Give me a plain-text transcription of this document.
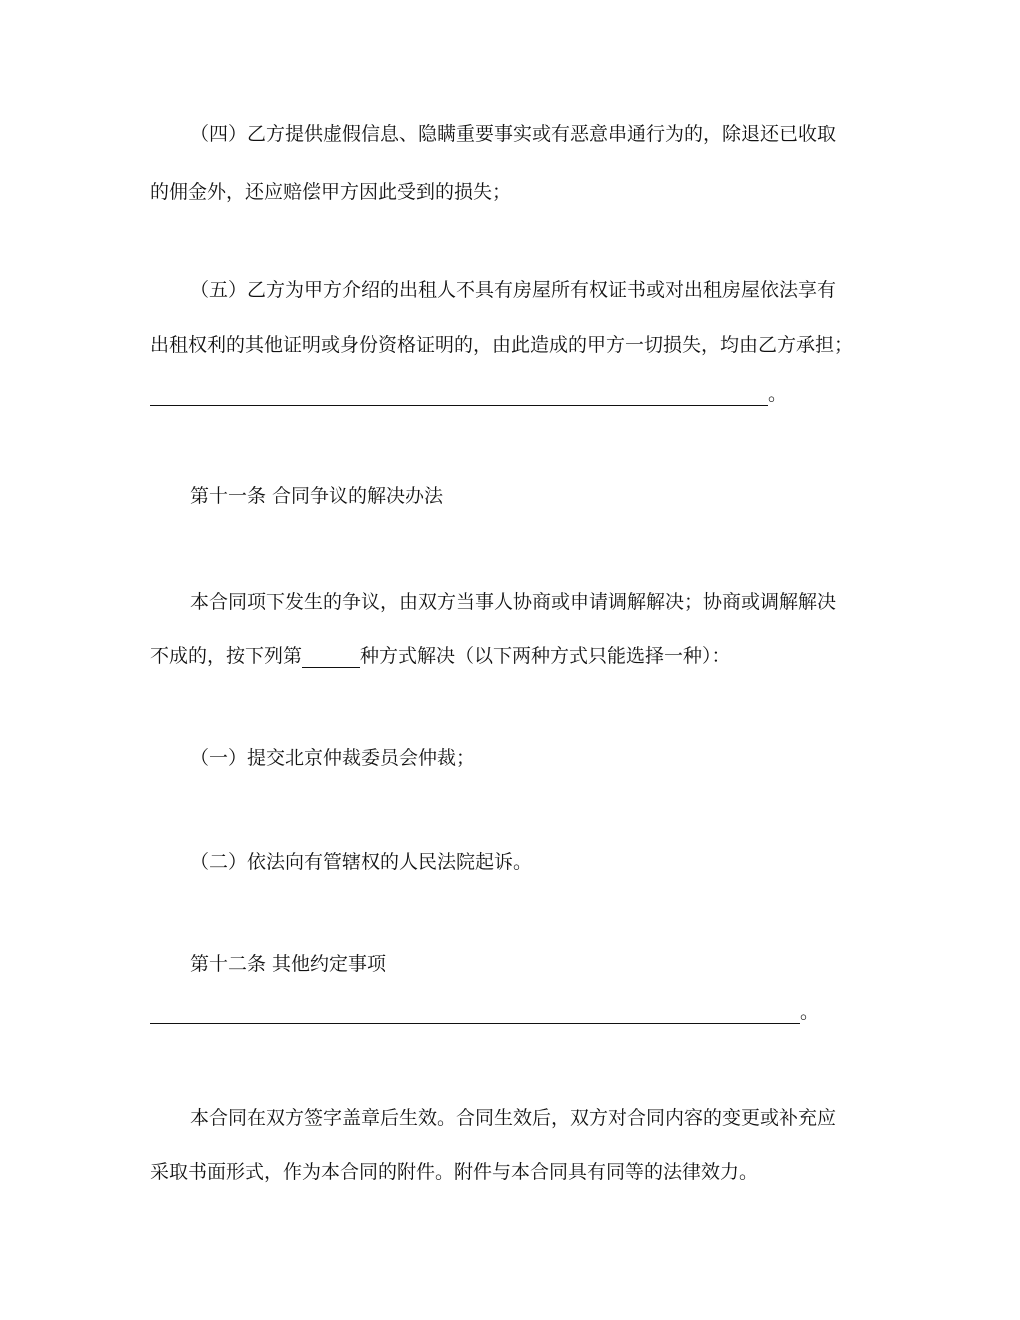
（四）乙方提供虚假信息、隐瞒重要事实或有恶意串通行为的，除退还已收取
的佣金外，还应赔偿甲方因此受到的损失；
（五）乙方为甲方介绍的出租人不具有房屋所有权证书或对出租房屋依法享有
出租权利的其他证明或身份资格证明的，由此造成的甲方一切损失，均由乙方承担；
。
第十一条 合同争议的解决办法
本合同项下发生的争议，由双方当事人协商或申请调解解决；协商或调解解决
不成的，按下列第	种方式解决（以下两种方式只能选择一种）：
（一）提交北京仲裁委员会仲裁；
（二）依法向有管辖权的人民法院起诉。
第十二条 其他约定事项
。
本合同在双方签字盖章后生效。合同生效后，双方对合同内容的变更或补充应
采取书面形式，作为本合同的附件。附件与本合同具有同等的法律效力。
